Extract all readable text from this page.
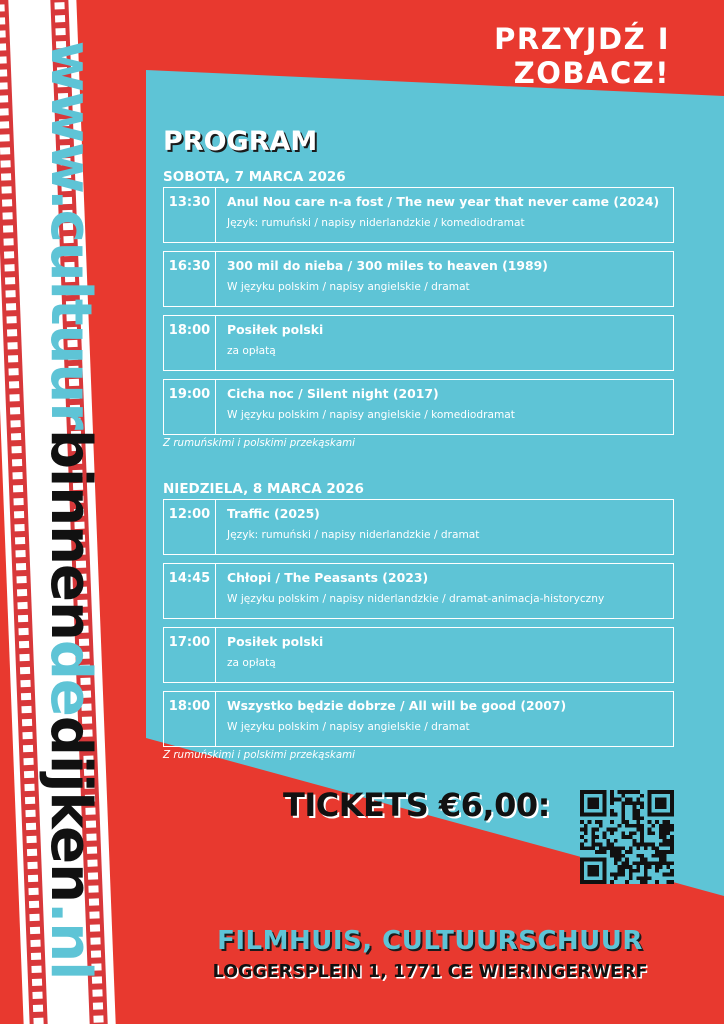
PRZYJDŹ I ZOBACZ!
www.cultuurbinnendedijken.nl
PROGRAM
SOBOTA, 7 MARCA 2026
13:30	Anul Nou care n-a fost / The new year that never came (2024)
Język: rumuński / napisy niderlandzkie / komediodramat
16:30	300 mil do nieba / 300 miles to heaven (1989)
W języku polskim / napisy angielskie / dramat
18:00	Posiłek polski
za opłatą
19:00	Cicha noc / Silent night (2017)
W języku polskim / napisy angielskie / komediodramat
Z rumuńskimi i polskimi przekąskami
NIEDZIELA, 8 MARCA 2026
12:00	Traffic (2025)
Język: rumuński / napisy niderlandzkie / dramat
14:45	Chłopi / The Peasants (2023)
W języku polskim / napisy niderlandzkie / dramat-animacja-historyczny
17:00	Posiłek polski
za opłatą
18:00	Wszystko będzie dobrze / All will be good (2007)
W języku polskim / napisy angielskie / dramat
Z rumuńskimi i polskimi przekąskami
TICKETS €6,00:
FILMHUIS, CULTUURSCHUUR
LOGGERSPLEIN 1, 1771 CE WIERINGERWERF
